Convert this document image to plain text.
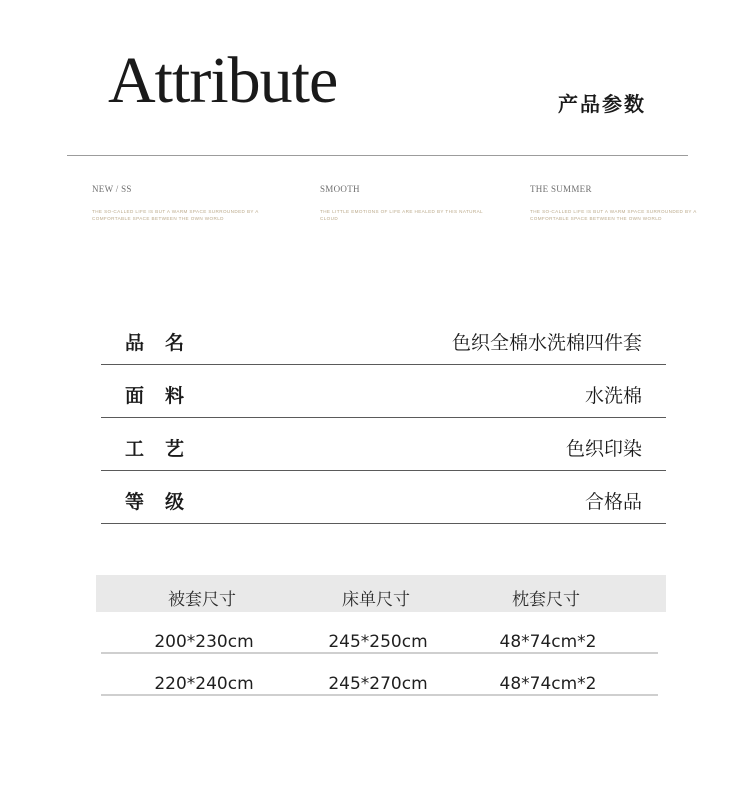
Attribute	产品参数
NEW / SS
THE SO-CALLED LIFE IS BUT A WARM SPACE SURROUNDED BY A COMFORTABLE SPACE BETWEEN THE OWN WORLD
SMOOTH
THE LITTLE EMOTIONS OF LIFE ARE HEALED BY THIS NATURAL CLOUD
THE SUMMER
THE SO-CALLED LIFE IS BUT A WARM SPACE SURROUNDED BY A COMFORTABLE SPACE BETWEEN THE OWN WORLD
品名	色织全棉水洗棉四件套
面料	水洗棉
工艺	色织印染
等级	合格品
被套尺寸	床单尺寸	枕套尺寸
200*230cm	245*250cm	48*74cm*2
220*240cm	245*270cm	48*74cm*2
